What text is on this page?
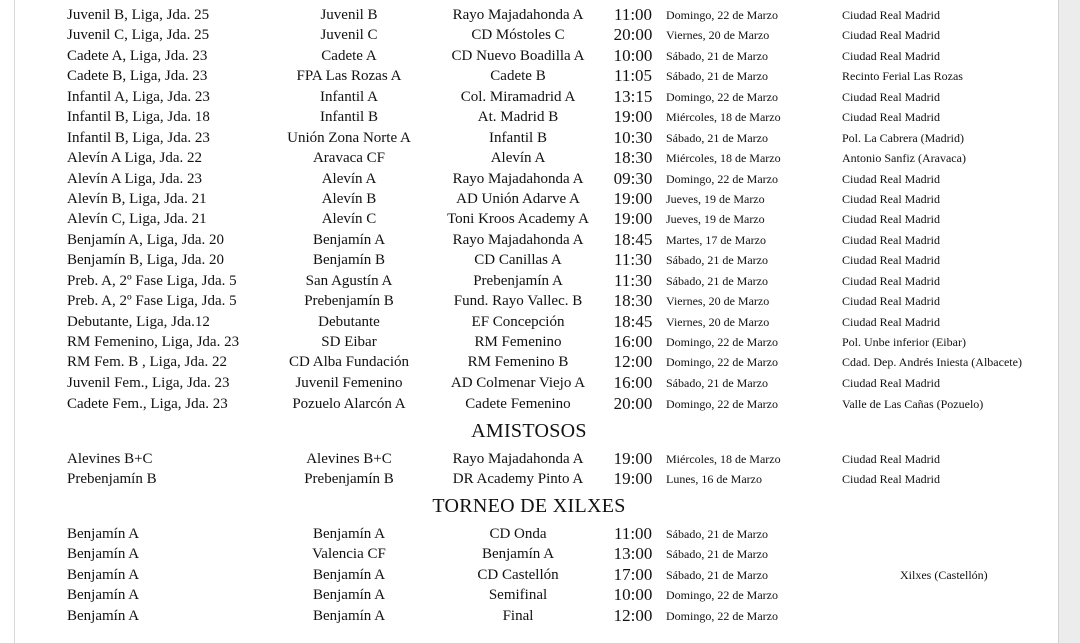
Juvenil B, Liga, Jda. 25	Juvenil B	Rayo Majadahonda A	11:00	Domingo, 22 de Marzo	Ciudad Real Madrid
Juvenil C, Liga, Jda. 25	Juvenil C	CD Móstoles C	20:00	Viernes, 20 de Marzo	Ciudad Real Madrid
Cadete A, Liga, Jda. 23	Cadete A	CD Nuevo Boadilla A	10:00	Sábado, 21 de Marzo	Ciudad Real Madrid
Cadete B, Liga, Jda. 23	FPA Las Rozas A	Cadete B	11:05	Sábado, 21 de Marzo	Recinto Ferial Las Rozas
Infantil A, Liga, Jda. 23	Infantil A	Col. Miramadrid A	13:15	Domingo, 22 de Marzo	Ciudad Real Madrid
Infantil B, Liga, Jda. 18	Infantil B	At. Madrid B	19:00	Miércoles, 18 de Marzo	Ciudad Real Madrid
Infantil B, Liga, Jda. 23	Unión Zona Norte A	Infantil B	10:30	Sábado, 21 de Marzo	Pol. La Cabrera (Madrid)
Alevín A Liga, Jda. 22	Aravaca CF	Alevín A	18:30	Miércoles, 18 de Marzo	Antonio Sanfiz (Aravaca)
Alevín A Liga, Jda. 23	Alevín A	Rayo Majadahonda A	09:30	Domingo, 22 de Marzo	Ciudad Real Madrid
Alevín B, Liga, Jda. 21	Alevín B	AD Unión Adarve A	19:00	Jueves, 19 de Marzo	Ciudad Real Madrid
Alevín C, Liga, Jda. 21	Alevín C	Toni Kroos Academy A	19:00	Jueves, 19 de Marzo	Ciudad Real Madrid
Benjamín A, Liga, Jda. 20	Benjamín A	Rayo Majadahonda A	18:45	Martes, 17 de Marzo	Ciudad Real Madrid
Benjamín B, Liga, Jda. 20	Benjamín B	CD Canillas A	11:30	Sábado, 21 de Marzo	Ciudad Real Madrid
Preb. A, 2º Fase Liga, Jda. 5	San Agustín A	Prebenjamín A	11:30	Sábado, 21 de Marzo	Ciudad Real Madrid
Preb. A, 2º Fase Liga, Jda. 5	Prebenjamín B	Fund. Rayo Vallec. B	18:30	Viernes, 20 de Marzo	Ciudad Real Madrid
Debutante, Liga, Jda.12	Debutante	EF Concepción	18:45	Viernes, 20 de Marzo	Ciudad Real Madrid
RM Femenino, Liga, Jda. 23	SD Eibar	RM Femenino	16:00	Domingo, 22 de Marzo	Pol. Unbe inferior (Eibar)
RM Fem. B , Liga, Jda. 22	CD Alba Fundación	RM Femenino B	12:00	Domingo, 22 de Marzo	Cdad. Dep. Andrés Iniesta (Albacete)
Juvenil Fem., Liga, Jda. 23	Juvenil Femenino	AD Colmenar Viejo A	16:00	Sábado, 21 de Marzo	Ciudad Real Madrid
Cadete Fem., Liga, Jda. 23	Pozuelo Alarcón A	Cadete Femenino	20:00	Domingo, 22 de Marzo	Valle de Las Cañas (Pozuelo)
AMISTOSOS
Alevines B+C	Alevines B+C	Rayo Majadahonda A	19:00	Miércoles, 18 de Marzo	Ciudad Real Madrid
Prebenjamín B	Prebenjamín B	DR Academy Pinto A	19:00	Lunes, 16 de Marzo	Ciudad Real Madrid
TORNEO DE XILXES
Benjamín A	Benjamín A	CD Onda	11:00	Sábado, 21 de Marzo
Benjamín A	Valencia CF	Benjamín A	13:00	Sábado, 21 de Marzo
Benjamín A	Benjamín A	CD Castellón	17:00	Sábado, 21 de Marzo	Xilxes (Castellón)
Benjamín A	Benjamín A	Semifinal	10:00	Domingo, 22 de Marzo
Benjamín A	Benjamín A	Final	12:00	Domingo, 22 de Marzo
